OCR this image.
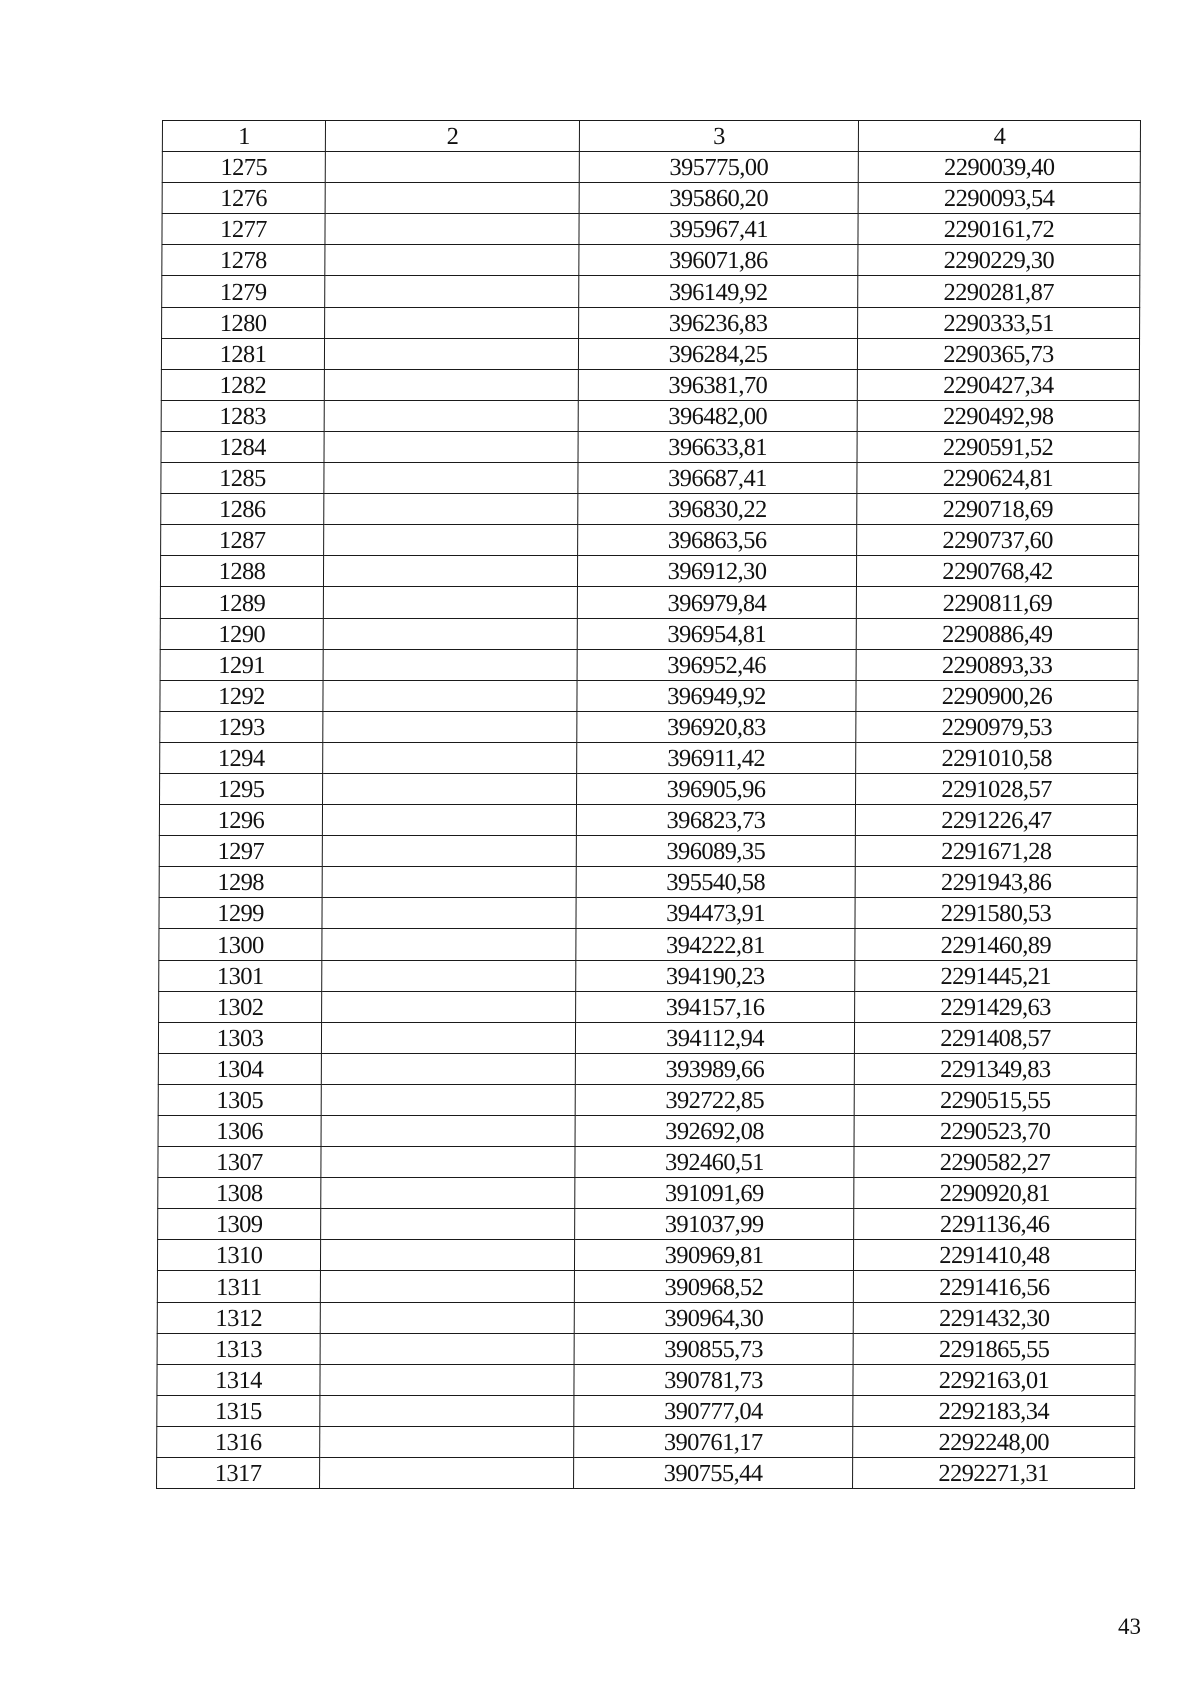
1	2	3	4
1275		395775,00	2290039,40
1276		395860,20	2290093,54
1277		395967,41	2290161,72
1278		396071,86	2290229,30
1279		396149,92	2290281,87
1280		396236,83	2290333,51
1281		396284,25	2290365,73
1282		396381,70	2290427,34
1283		396482,00	2290492,98
1284		396633,81	2290591,52
1285		396687,41	2290624,81
1286		396830,22	2290718,69
1287		396863,56	2290737,60
1288		396912,30	2290768,42
1289		396979,84	2290811,69
1290		396954,81	2290886,49
1291		396952,46	2290893,33
1292		396949,92	2290900,26
1293		396920,83	2290979,53
1294		396911,42	2291010,58
1295		396905,96	2291028,57
1296		396823,73	2291226,47
1297		396089,35	2291671,28
1298		395540,58	2291943,86
1299		394473,91	2291580,53
1300		394222,81	2291460,89
1301		394190,23	2291445,21
1302		394157,16	2291429,63
1303		394112,94	2291408,57
1304		393989,66	2291349,83
1305		392722,85	2290515,55
1306		392692,08	2290523,70
1307		392460,51	2290582,27
1308		391091,69	2290920,81
1309		391037,99	2291136,46
1310		390969,81	2291410,48
1311		390968,52	2291416,56
1312		390964,30	2291432,30
1313		390855,73	2291865,55
1314		390781,73	2292163,01
1315		390777,04	2292183,34
1316		390761,17	2292248,00
1317		390755,44	2292271,31
43
